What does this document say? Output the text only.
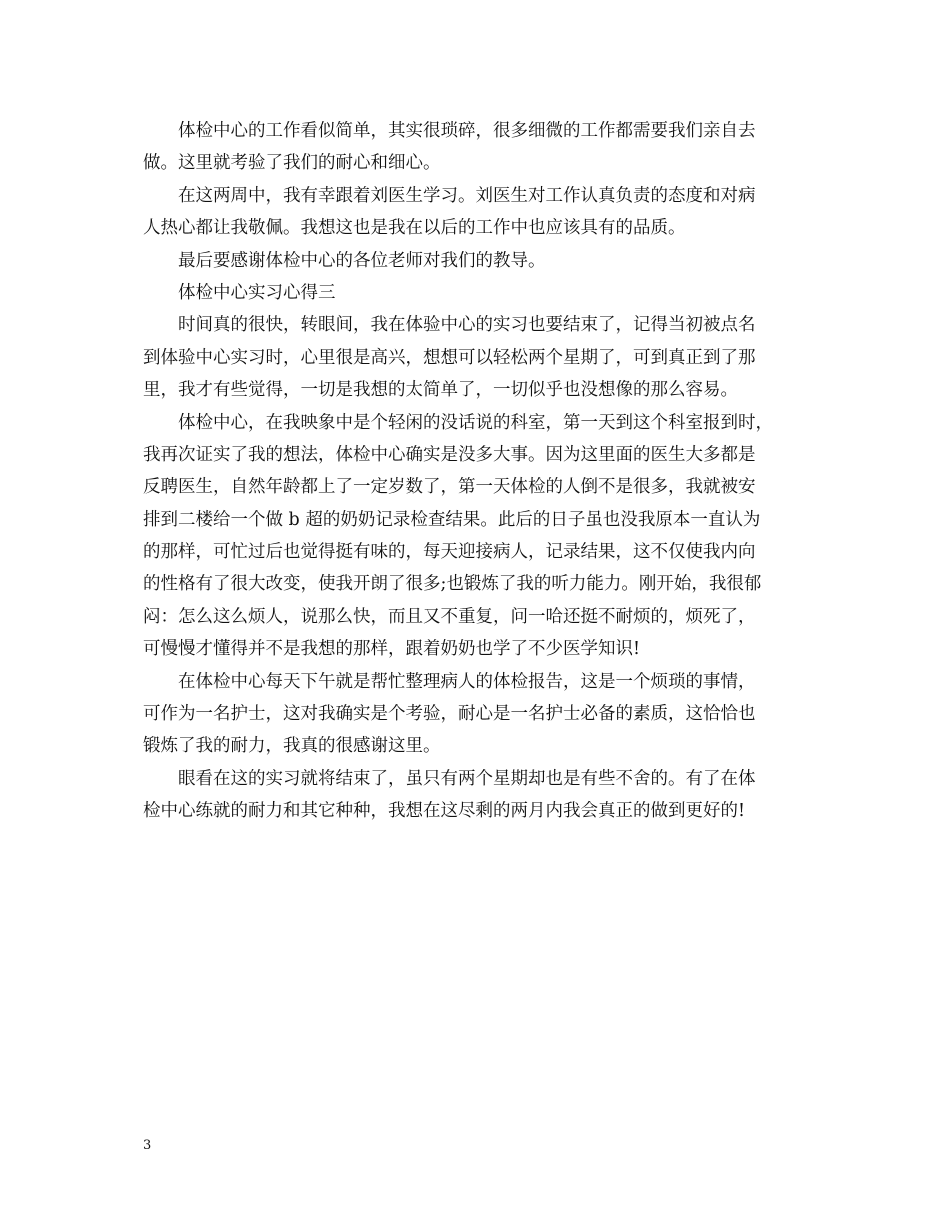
体检中心的工作看似简单，其实很琐碎，很多细微的工作都需要我们亲自去
做。这里就考验了我们的耐心和细心。
在这两周中，我有幸跟着刘医生学习。刘医生对工作认真负责的态度和对病
人热心都让我敬佩。我想这也是我在以后的工作中也应该具有的品质。
最后要感谢体检中心的各位老师对我们的教导。
体检中心实习心得三
时间真的很快，转眼间，我在体验中心的实习也要结束了，记得当初被点名
到体验中心实习时，心里很是高兴，想想可以轻松两个星期了，可到真正到了那
里，我才有些觉得，一切是我想的太简单了，一切似乎也没想像的那么容易。
体检中心，在我映象中是个轻闲的没话说的科室，第一天到这个科室报到时，
我再次证实了我的想法，体检中心确实是没多大事。因为这里面的医生大多都是
反聘医生，自然年龄都上了一定岁数了，第一天体检的人倒不是很多，我就被安
排到二楼给一个做 b 超的奶奶记录检查结果。此后的日子虽也没我原本一直认为
的那样，可忙过后也觉得挺有味的，每天迎接病人，记录结果，这不仅使我内向
的性格有了很大改变，使我开朗了很多;也锻炼了我的听力能力。刚开始，我很郁
闷：怎么这么烦人，说那么快，而且又不重复，问一哈还挺不耐烦的，烦死了，
可慢慢才懂得并不是我想的那样，跟着奶奶也学了不少医学知识!
在体检中心每天下午就是帮忙整理病人的体检报告，这是一个烦琐的事情，
可作为一名护士，这对我确实是个考验，耐心是一名护士必备的素质，这恰恰也
锻炼了我的耐力，我真的很感谢这里。
眼看在这的实习就将结束了，虽只有两个星期却也是有些不舍的。有了在体
检中心练就的耐力和其它种种，我想在这尽剩的两月内我会真正的做到更好的!
3
